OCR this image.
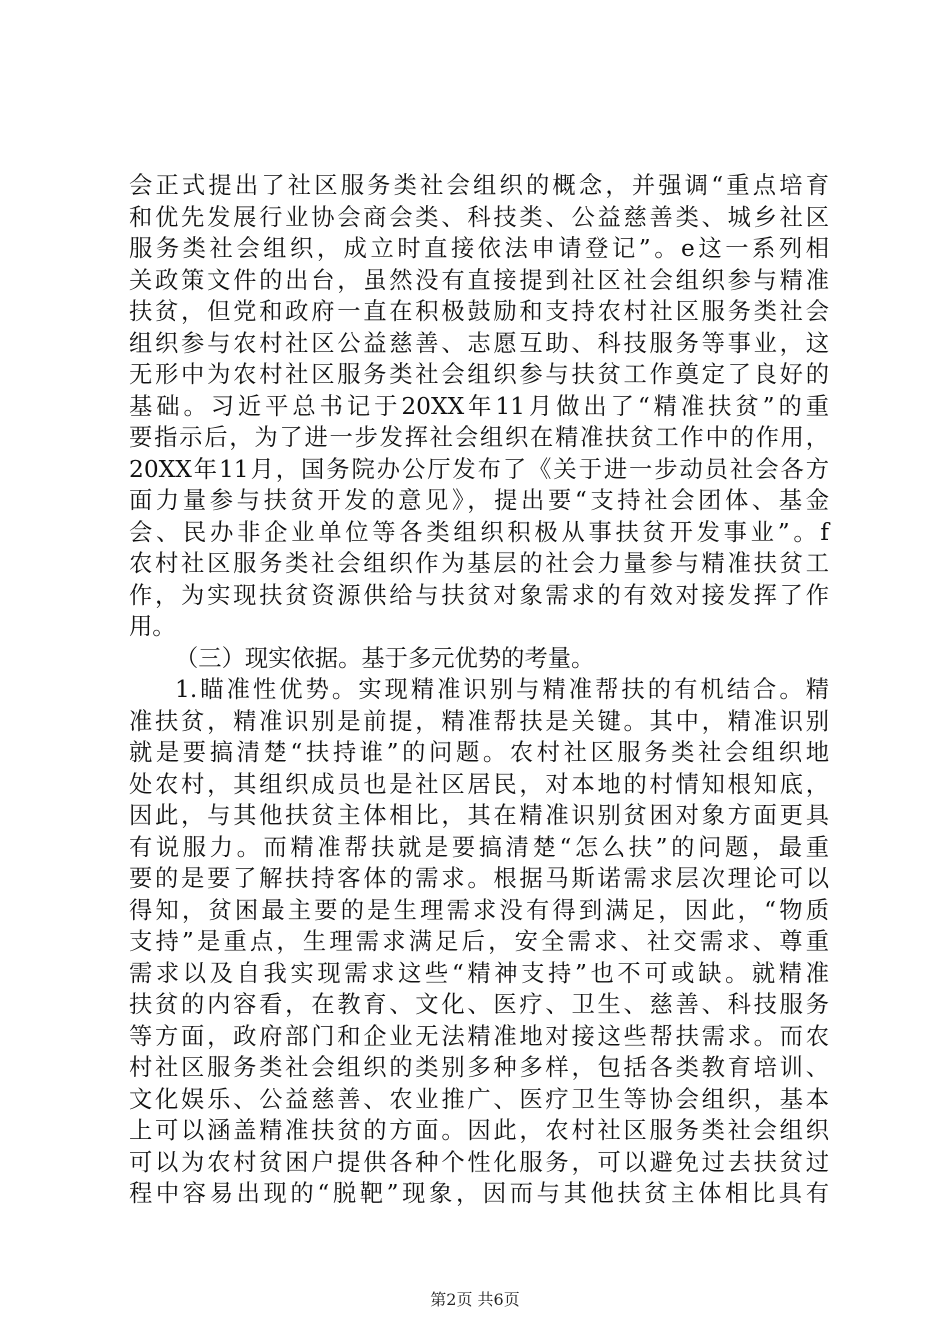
会正式提出了社区服务类社会组织的概念，并强调“重点培育
和优先发展行业协会商会类、科技类、公益慈善类、城乡社区
服务类社会组织，成立时直接依法申请登记”。e这一系列相
关政策文件的出台，虽然没有直接提到社区社会组织参与精准
扶贫，但党和政府一直在积极鼓励和支持农村社区服务类社会
组织参与农村社区公益慈善、志愿互助、科技服务等事业，这
无形中为农村社区服务类社会组织参与扶贫工作奠定了良好的
基础。习近平总书记于20XX年11月做出了“精准扶贫”的重
要指示后，为了进一步发挥社会组织在精准扶贫工作中的作用，
20XX年11月，国务院办公厅发布了《关于进一步动员社会各方
面力量参与扶贫开发的意见》，提出要“支持社会团体、基金
会、民办非企业单位等各类组织积极从事扶贫开发事业”。f
农村社区服务类社会组织作为基层的社会力量参与精准扶贫工
作，为实现扶贫资源供给与扶贫对象需求的有效对接发挥了作
用。
（三）现实依据。基于多元优势的考量。
1.瞄准性优势。实现精准识别与精准帮扶的有机结合。精
准扶贫，精准识别是前提，精准帮扶是关键。其中，精准识别
就是要搞清楚“扶持谁”的问题。农村社区服务类社会组织地
处农村，其组织成员也是社区居民，对本地的村情知根知底，
因此，与其他扶贫主体相比，其在精准识别贫困对象方面更具
有说服力。而精准帮扶就是要搞清楚“怎么扶”的问题，最重
要的是要了解扶持客体的需求。根据马斯诺需求层次理论可以
得知，贫困最主要的是生理需求没有得到满足，因此，“物质
支持”是重点，生理需求满足后，安全需求、社交需求、尊重
需求以及自我实现需求这些“精神支持”也不可或缺。就精准
扶贫的内容看，在教育、文化、医疗、卫生、慈善、科技服务
等方面，政府部门和企业无法精准地对接这些帮扶需求。而农
村社区服务类社会组织的类别多种多样，包括各类教育培训、
文化娱乐、公益慈善、农业推广、医疗卫生等协会组织，基本
上可以涵盖精准扶贫的方面。因此，农村社区服务类社会组织
可以为农村贫困户提供各种个性化服务，可以避免过去扶贫过
程中容易出现的“脱靶”现象，因而与其他扶贫主体相比具有
第2页 共6页
